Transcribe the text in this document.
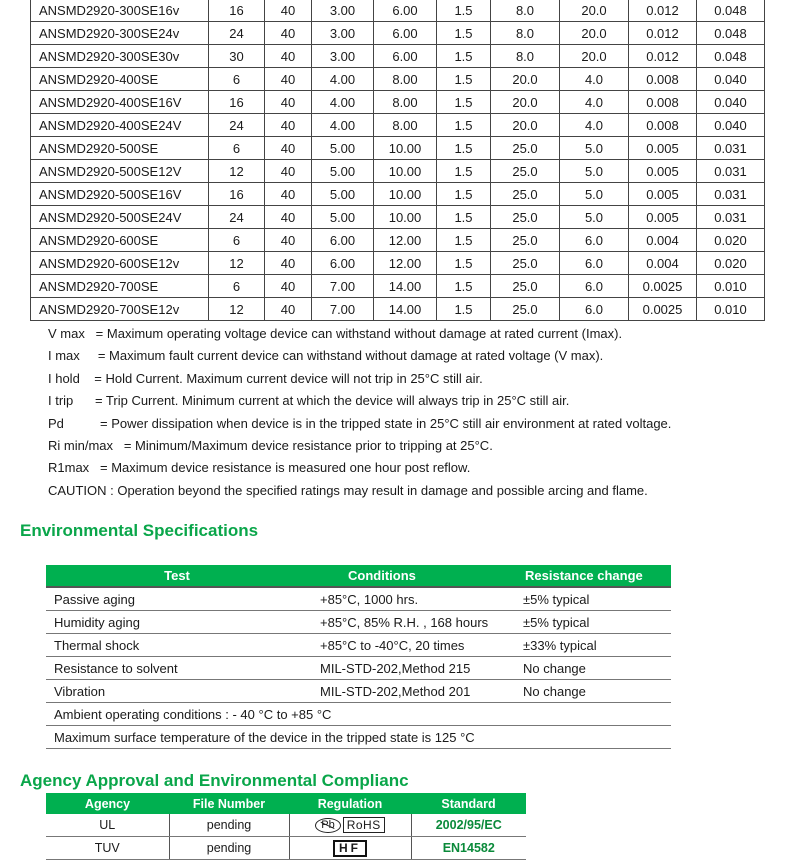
ANSMD2920-300SE16v	16	40	3.00	6.00	1.5	8.0	20.0	0.012	0.048
ANSMD2920-300SE24v	24	40	3.00	6.00	1.5	8.0	20.0	0.012	0.048
ANSMD2920-300SE30v	30	40	3.00	6.00	1.5	8.0	20.0	0.012	0.048
ANSMD2920-400SE	6	40	4.00	8.00	1.5	20.0	4.0	0.008	0.040
ANSMD2920-400SE16V	16	40	4.00	8.00	1.5	20.0	4.0	0.008	0.040
ANSMD2920-400SE24V	24	40	4.00	8.00	1.5	20.0	4.0	0.008	0.040
ANSMD2920-500SE	6	40	5.00	10.00	1.5	25.0	5.0	0.005	0.031
ANSMD2920-500SE12V	12	40	5.00	10.00	1.5	25.0	5.0	0.005	0.031
ANSMD2920-500SE16V	16	40	5.00	10.00	1.5	25.0	5.0	0.005	0.031
ANSMD2920-500SE24V	24	40	5.00	10.00	1.5	25.0	5.0	0.005	0.031
ANSMD2920-600SE	6	40	6.00	12.00	1.5	25.0	6.0	0.004	0.020
ANSMD2920-600SE12v	12	40	6.00	12.00	1.5	25.0	6.0	0.004	0.020
ANSMD2920-700SE	6	40	7.00	14.00	1.5	25.0	6.0	0.0025	0.010
ANSMD2920-700SE12v	12	40	7.00	14.00	1.5	25.0	6.0	0.0025	0.010
V max   = Maximum operating voltage device can withstand without damage at rated current (Imax).
I max     = Maximum fault current device can withstand without damage at rated voltage (V max).
I hold    = Hold Current. Maximum current device will not trip in 25°C still air.
I trip      = Trip Current. Minimum current at which the device will always trip in 25°C still air.
Pd          = Power dissipation when device is in the tripped state in 25°C still air environment at rated voltage.
Ri min/max   = Minimum/Maximum device resistance prior to tripping at 25°C.
R1max   = Maximum device resistance is measured one hour post reflow.
CAUTION : Operation beyond the specified ratings may result in damage and possible arcing and flame.
Environmental Specifications
Test	Conditions	Resistance change
Passive aging	+85°C, 1000 hrs.	±5% typical
Humidity aging	+85°C, 85% R.H. , 168 hours	±5% typical
Thermal shock	+85°C to -40°C, 20 times	±33% typical
Resistance to solvent	MIL-STD-202,Method 215	No change
Vibration	MIL-STD-202,Method 201	No change
Ambient operating conditions : - 40 °C to +85 °C		
Maximum surface temperature of the device in the tripped state is 125 °C		
Agency Approval and Environmental Complianc
Agency	File Number	Regulation	Standard
UL	pending	Pb RoHS	2002/95/EC
TUV	pending	HF	EN14582
